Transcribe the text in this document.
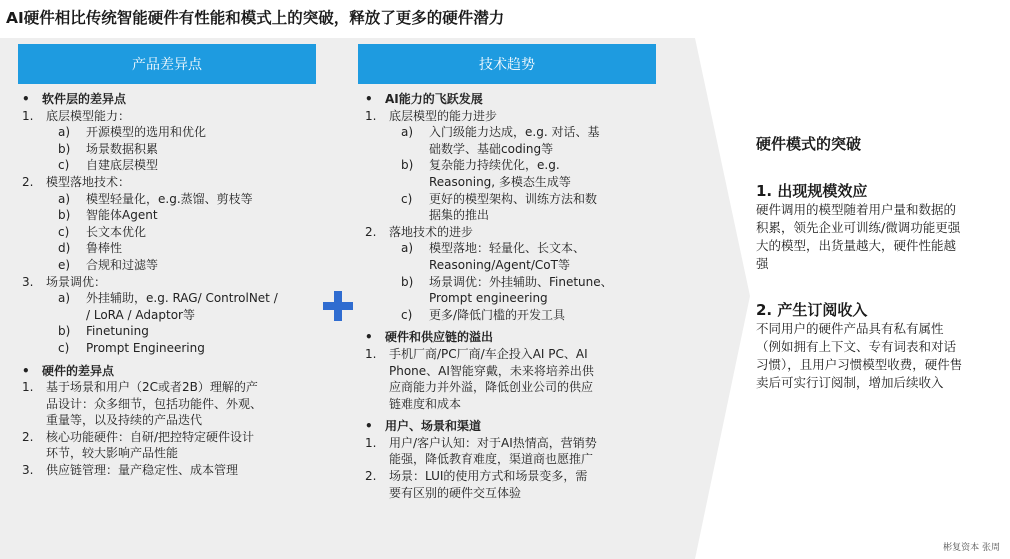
AI硬件相比传统智能硬件有性能和模式上的突破，释放了更多的硬件潜力
产品差异点	技术趋势
• 软件层的差异点
1. 底层模型能力：
a) 开源模型的选用和优化
b) 场景数据积累
c) 自建底层模型
2. 模型落地技术：
a) 模型轻量化，e.g.蒸馏、剪枝等
b) 智能体Agent
c) 长文本优化
d) 鲁棒性
e) 合规和过滤等
3. 场景调优：
a) 外挂辅助，e.g. RAG/ ControlNet /
/ LoRA / Adaptor等
b) Finetuning
c) Prompt Engineering
• 硬件的差异点
1. 基于场景和用户（2C或者2B）理解的产
品设计：众多细节，包括功能件、外观、
重量等，以及持续的产品迭代
2. 核心功能硬件：自研/把控特定硬件设计
环节，较大影响产品性能
3. 供应链管理：量产稳定性、成本管理
• AI能力的飞跃发展
1. 底层模型的能力进步
a) 入门级能力达成，e.g. 对话、基
础数学、基础coding等
b) 复杂能力持续优化，e.g.
Reasoning, 多模态生成等
c) 更好的模型架构、训练方法和数
据集的推出
2. 落地技术的进步
a) 模型落地：轻量化、长文本、
Reasoning/Agent/CoT等
b) 场景调优：外挂辅助、Finetune、
Prompt engineering
c) 更多/降低门槛的开发工具
• 硬件和供应链的溢出
1. 手机厂商/PC厂商/车企投入AI PC、AI
Phone、AI智能穿戴，未来将培养出供
应商能力并外溢，降低创业公司的供应
链难度和成本
• 用户、场景和渠道
1. 用户/客户认知：对于AI热情高，营销势
能强，降低教育难度，渠道商也愿推广
2. 场景：LUI的使用方式和场景变多，需
要有区别的硬件交互体验
硬件模式的突破
1. 出现规模效应
硬件调用的模型随着用户量和数据的积累，领先企业可训练/微调功能更强大的模型，出货量越大，硬件性能越强
2. 产生订阅收入
不同用户的硬件产品具有私有属性（例如拥有上下文、专有词表和对话习惯），且用户习惯模型收费，硬件售卖后可实行订阅制，增加后续收入
彬复资本 张周
